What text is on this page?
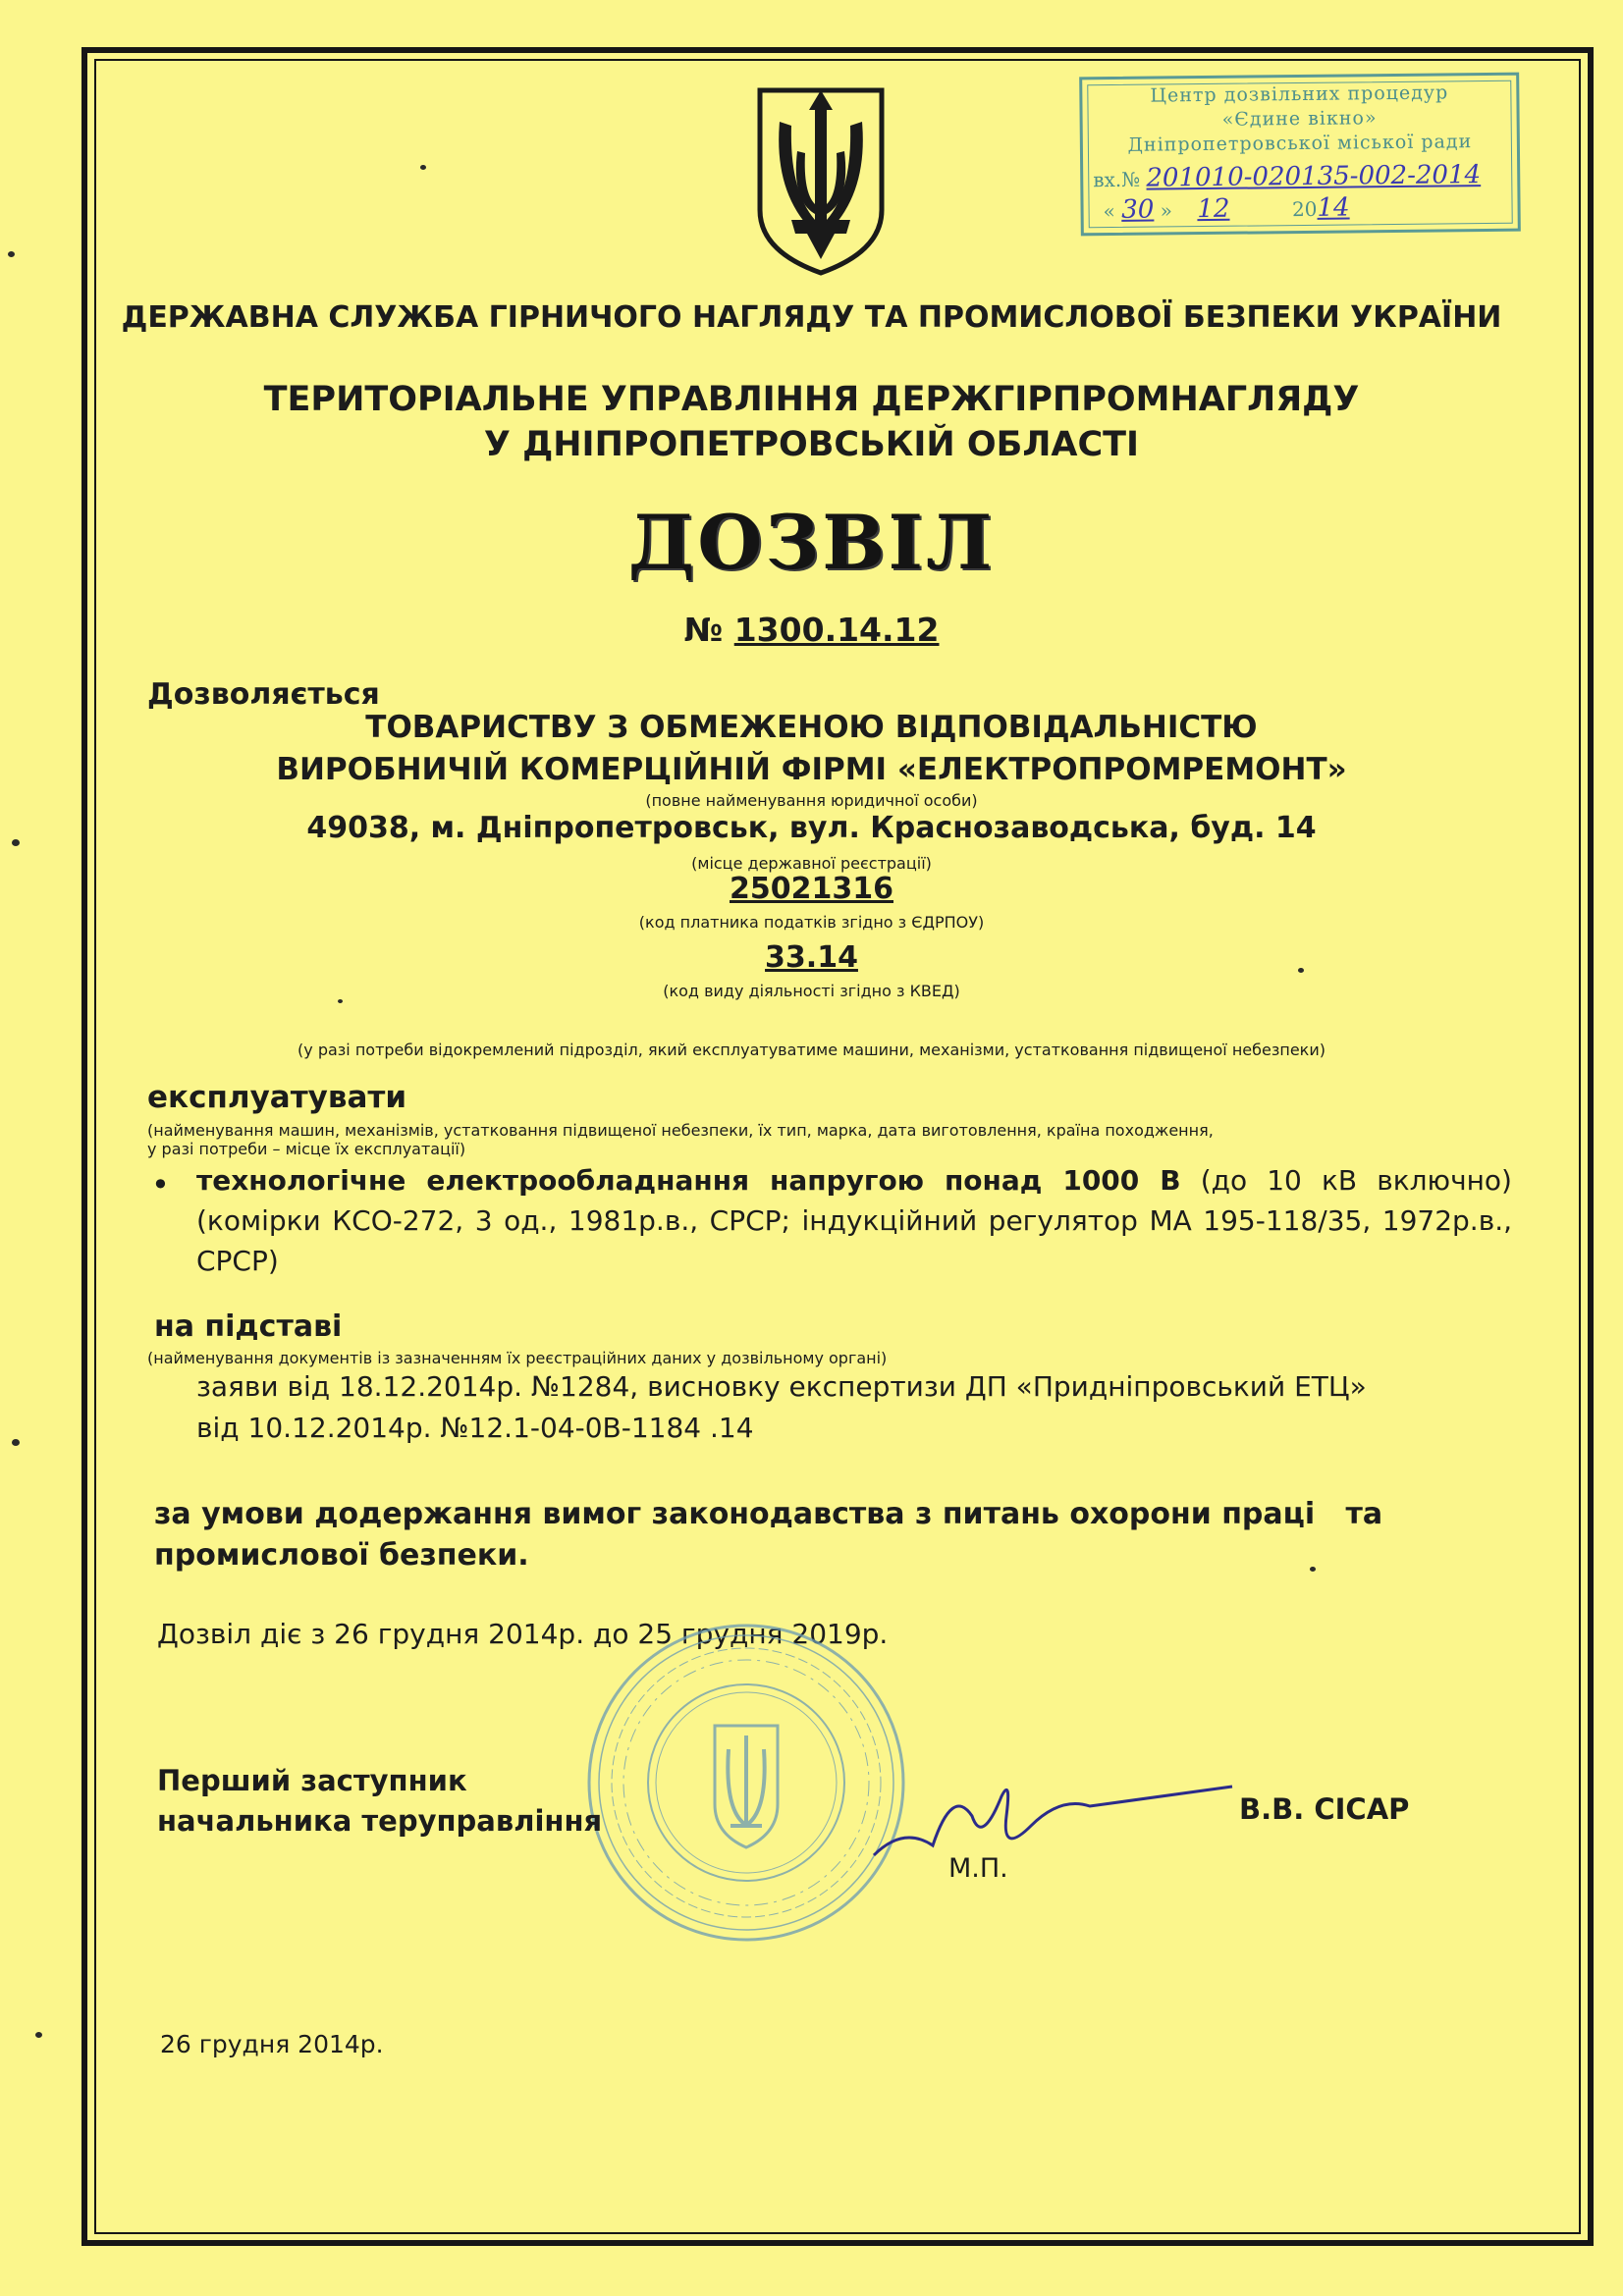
Центр дозвільних процедур
«Єдине вікно»
Дніпропетровської міської ради
вх.№ 201010-020135-002-2014
« 30 » 12	2014
ДЕРЖАВНА СЛУЖБА ГІРНИЧОГО НАГЛЯДУ ТА ПРОМИСЛОВОЇ БЕЗПЕКИ УКРАЇНИ
ТЕРИТОРІАЛЬНЕ УПРАВЛІННЯ ДЕРЖГІРПРОМНАГЛЯДУ
У ДНІПРОПЕТРОВСЬКІЙ ОБЛАСТІ
ДОЗВІЛ
№ 1300.14.12
Дозволяється
ТОВАРИСТВУ З ОБМЕЖЕНОЮ ВІДПОВІДАЛЬНІСТЮ
ВИРОБНИЧІЙ КОМЕРЦІЙНІЙ ФІРМІ «ЕЛЕКТРОПРОМРЕМОНТ»
(повне найменування юридичної особи)
49038, м. Дніпропетровськ, вул. Краснозаводська, буд. 14
(місце державної реєстрації)
25021316
(код платника податків згідно з ЄДРПОУ)
33.14
(код виду діяльності згідно з КВЕД)
(у разі потреби відокремлений підрозділ, який експлуатуватиме машини, механізми, устатковання підвищеної небезпеки)
експлуатувати
(найменування машин, механізмів, устатковання підвищеної небезпеки, їх тип, марка, дата виготовлення, країна походження,
у разі потреби – місце їх експлуатації)
• технологічне електрообладнання напругою понад 1000 В (до 10 кВ включно) (комірки КСО-272, 3 од., 1981р.в., СРСР; індукційний регулятор МА 195-118/35, 1972р.в., СРСР)
на підставі
(найменування документів із зазначенням їх реєстраційних даних у дозвільному органі)
заяви від 18.12.2014р. №1284, висновку експертизи ДП «Придніпровський ЕТЦ»
від 10.12.2014р. №12.1-04-0В-1184 .14
за умови додержання вимог законодавства з питань охорони праці   та
промислової безпеки.
Дозвіл діє з 26 грудня 2014р. до 25 грудня 2019р.
Перший заступник
начальника теруправління	В.В. СІСАР
М.П.
26 грудня 2014р.
